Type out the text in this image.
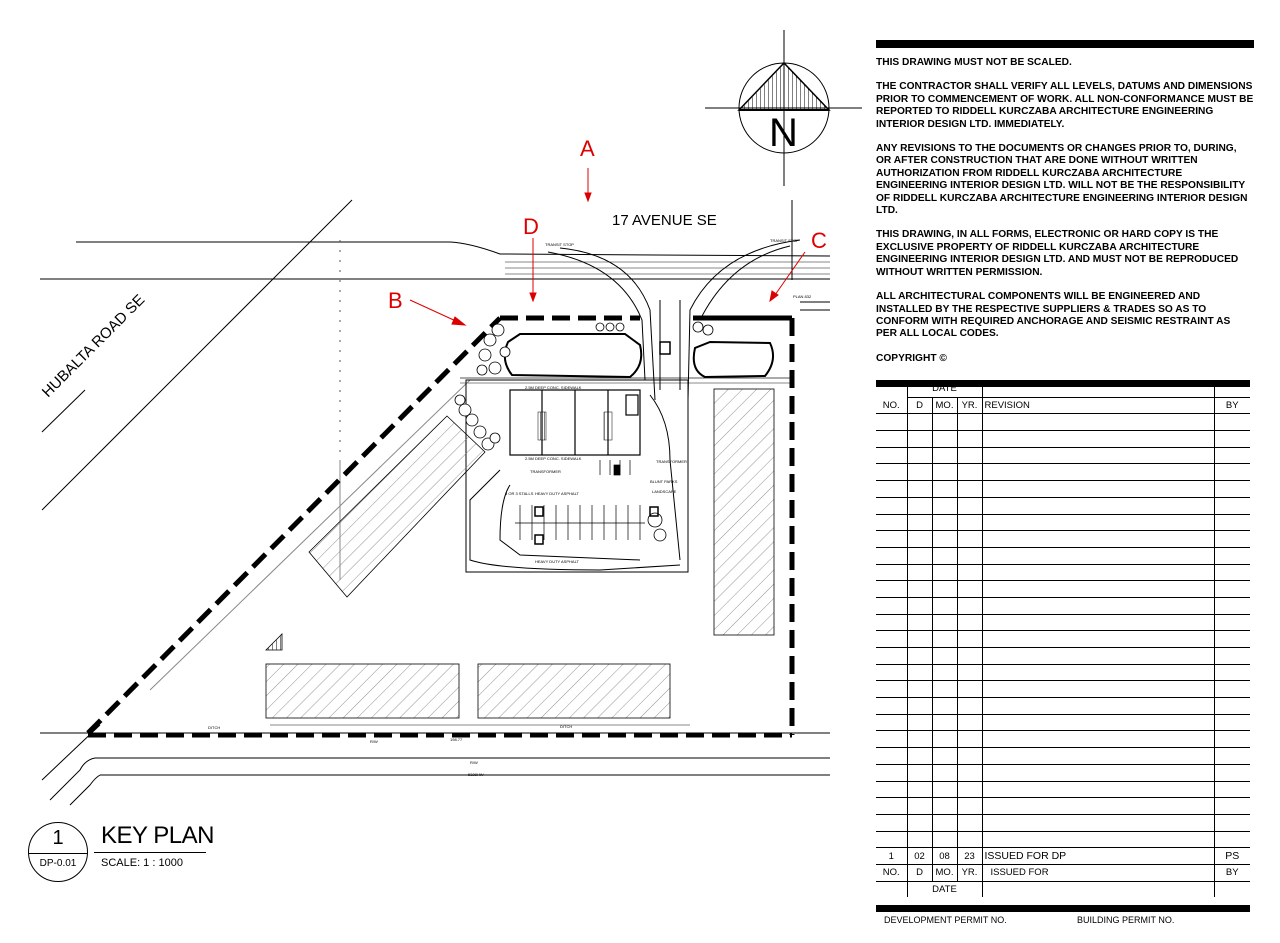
2.5M DEEP CONC. SIDEWALK
2.5M DEEP CONC. SIDEWALK
TRANSFORMER
HEAVY DUTY ASPHALT
HEAVY DUTY ASPHALT
3 OR 3 STALLS
BLUNT PARKS
LANDSCAPE
TRANSFORMER
DITCH	DITCH
R/W	198.77
R/W
5328HW
PLAN 832
TRANSIT STOP
TRANSIT STOP
17 AVENUE SE
HUBALTA ROAD SE
A
B
C
D
N
1
DP-0.01
KEY PLAN
SCALE: 1 : 1000

THIS DRAWING MUST NOT BE SCALED.

THE CONTRACTOR SHALL VERIFY ALL LEVELS, DATUMS AND DIMENSIONS PRIOR TO COMMENCEMENT OF WORK. ALL NON-CONFORMANCE MUST BE REPORTED TO RIDDELL KURCZABA ARCHITECTURE ENGINEERING INTERIOR DESIGN LTD. IMMEDIATELY.

ANY REVISIONS TO THE DOCUMENTS OR CHANGES PRIOR TO, DURING, OR AFTER CONSTRUCTION THAT ARE DONE WITHOUT WRITTEN AUTHORIZATION FROM RIDDELL KURCZABA ARCHITECTURE ENGINEERING INTERIOR DESIGN LTD. WILL NOT BE THE RESPONSIBILITY OF RIDDELL KURCZABA ARCHITECTURE ENGINEERING INTERIOR DESIGN LTD.

THIS DRAWING, IN ALL FORMS, ELECTRONIC OR HARD COPY IS THE EXCLUSIVE PROPERTY OF RIDDELL KURCZABA ARCHITECTURE ENGINEERING INTERIOR DESIGN LTD. AND MUST NOT BE REPRODUCED WITHOUT WRITTEN PERMISSION.

ALL ARCHITECTURAL COMPONENTS WILL BE ENGINEERED AND INSTALLED BY THE RESPECTIVE SUPPLIERS & TRADES SO AS TO CONFORM WITH REQUIRED ANCHORAGE AND SEISMIC RESTRAINT AS PER ALL LOCAL CODES.

COPYRIGHT ©

	DATE				
NO.	D	MO.	YR.	REVISION	BY

1	02	08	23	ISSUED FOR DP	PS
NO.	D	MO.	YR.	ISSUED FOR	BY
	DATE				
DEVELOPMENT PERMIT NO.	BUILDING PERMIT NO.
